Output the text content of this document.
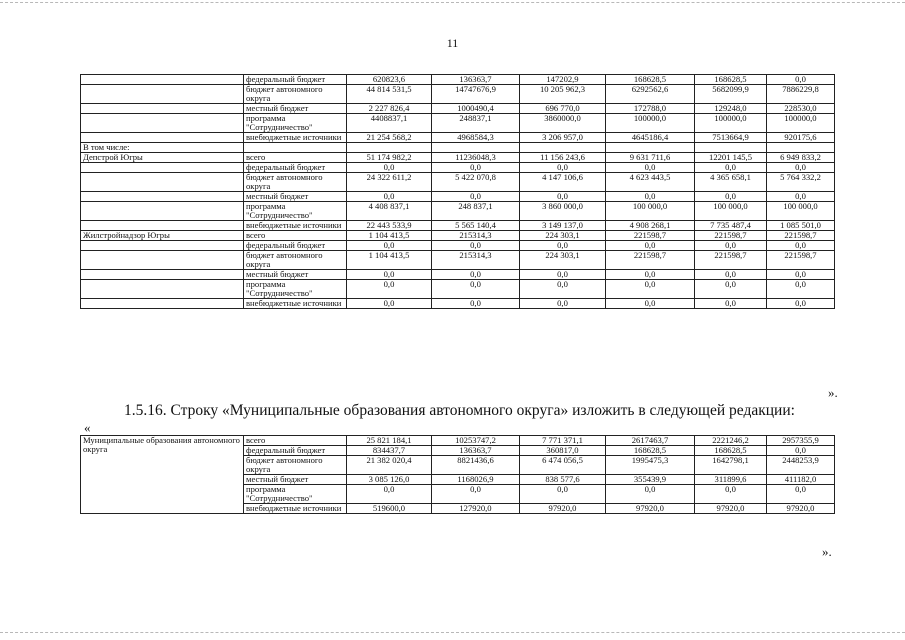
11
	федеральный бюджет	620823,6	136363,7	147202,9	168628,5	168628,5	0,0
	бюджет автономного округа	44 814 531,5	14747676,9	10 205 962,3	6292562,6	5682099,9	7886229,8
	местный бюджет	2 227 826,4	1000490,4	696 770,0	172788,0	129248,0	228530,0
	программа "Сотрудничество"	4408837,1	248837,1	3860000,0	100000,0	100000,0	100000,0
	внебюджетные источники	21 254 568,2	4968584,3	3 206 957,0	4645186,4	7513664,9	920175,6
В том числе:							
Депстрой Югры	всего	51 174 982,2	11236048,3	11 156 243,6	9 631 711,6	12201 145,5	6 949 833,2
	федеральный бюджет	0,0	0,0	0,0	0,0	0,0	0,0
	бюджет автономного округа	24 322 611,2	5 422 070,8	4 147 106,6	4 623 443,5	4 365 658,1	5 764 332,2
	местный бюджет	0,0	0,0	0,0	0,0	0,0	0,0
	программа "Сотрудничество"	4 408 837,1	248 837,1	3 860 000,0	100 000,0	100 000,0	100 000,0
	внебюджетные источники	22 443 533,9	5 565 140,4	3 149 137,0	4 908 268,1	7 735 487,4	1 085 501,0
Жилстройнадзор Югры	всего	1 104 413,5	215314,3	224 303,1	221598,7	221598,7	221598,7
	федеральный бюджет	0,0	0,0	0,0	0,0	0,0	0,0
	бюджет автономного округа	1 104 413,5	215314,3	224 303,1	221598,7	221598,7	221598,7
	местный бюджет	0,0	0,0	0,0	0,0	0,0	0,0
	программа "Сотрудничество"	0,0	0,0	0,0	0,0	0,0	0,0
	внебюджетные источники	0,0	0,0	0,0	0,0	0,0	0,0
».
1.5.16. Строку «Муниципальные образования автономного округа» изложить в следующей редакции:
«
Муниципальные образования автономного округа	всего	25 821 184,1	10253747,2	7 771 371,1	2617463,7	2221246,2	2957355,9
	федеральный бюджет	834437,7	136363,7	360817,0	168628,5	168628,5	0,0
	бюджет автономного округа	21 382 020,4	8821436,6	6 474 056,5	1995475,3	1642798,1	2448253,9
	местный бюджет	3 085 126,0	1168026,9	838 577,6	355439,9	311899,6	411182,0
	программа "Сотрудничество"	0,0	0,0	0,0	0,0	0,0	0,0
	внебюджетные источники	519600,0	127920,0	97920,0	97920,0	97920,0	97920,0
».
